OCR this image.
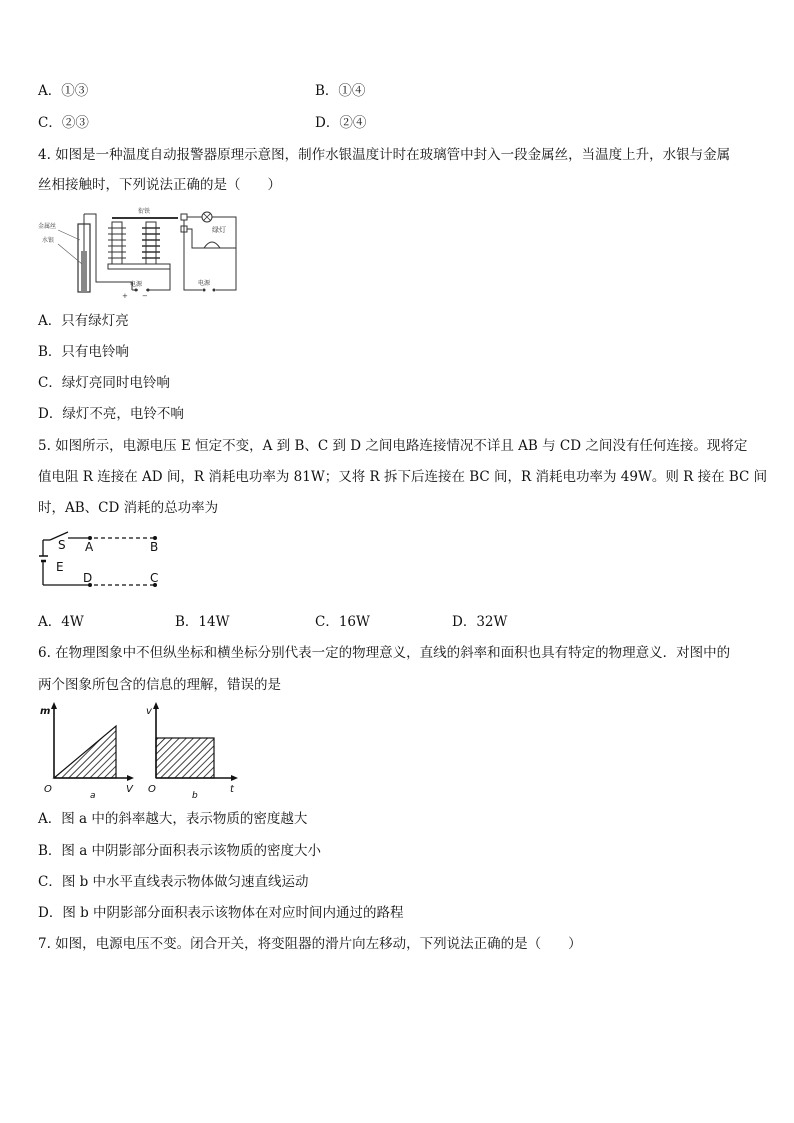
A．①③	B．①④
C．②③	D．②④
4. 如图是一种温度自动报警器原理示意图，制作水银温度计时在玻璃管中封入一段金属丝，当温度上升，水银与金属
丝相接触时，下列说法正确的是（　　）
金属丝
水银
衔铁
电源
+ −
绿灯
电源
A．只有绿灯亮
B．只有电铃响
C．绿灯亮同时电铃响
D．绿灯不亮，电铃不响
5. 如图所示，电源电压 E 恒定不变，A 到 B、C 到 D 之间电路连接情况不详且 AB 与 CD 之间没有任何连接。现将定
值电阻 R 连接在 AD 间，R 消耗电功率为 81W；又将 R 拆下后连接在 BC 间，R 消耗电功率为 49W。则 R 接在 BC 间
时，AB、CD 消耗的总功率为
S A	B
E
D	C
A．4W	B．14W	C．16W	D．32W
6. 在物理图象中不但纵坐标和横坐标分别代表一定的物理意义，直线的斜率和面积也具有特定的物理意义．对图中的
两个图象所包含的信息的理解，错误的是
m
V
O
a
v
t
O
b
A．图 a 中的斜率越大，表示物质的密度越大
B．图 a 中阴影部分面积表示该物质的密度大小
C．图 b 中水平直线表示物体做匀速直线运动
D．图 b 中阴影部分面积表示该物体在对应时间内通过的路程
7. 如图，电源电压不变。闭合开关，将变阻器的滑片向左移动，下列说法正确的是（　　）
